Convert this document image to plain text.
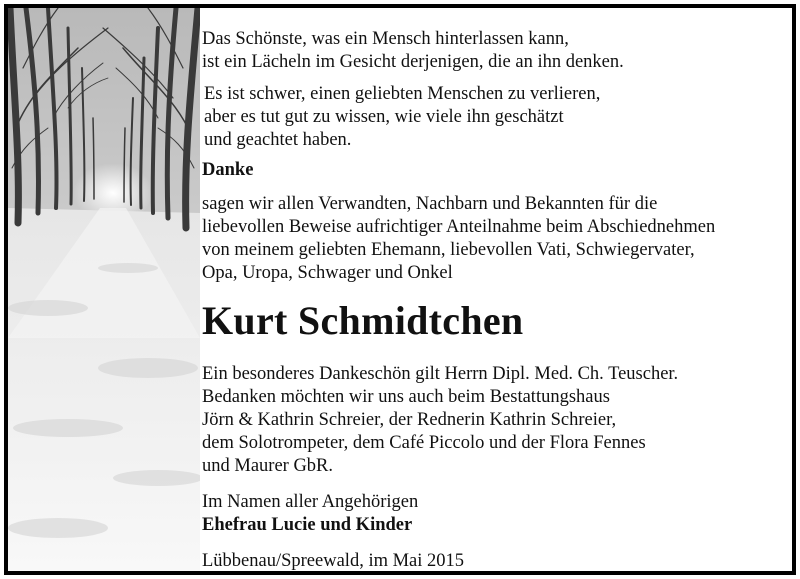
Das Schönste, was ein Mensch hinterlassen kann,
ist ein Lächeln im Gesicht derjenigen, die an ihn denken.

Es ist schwer, einen geliebten Menschen zu verlieren,
aber es tut gut zu wissen, wie viele ihn geschätzt
und geachtet haben.

Danke

sagen wir allen Verwandten, Nachbarn und Bekannten für die
liebevollen Beweise aufrichtiger Anteilnahme beim Abschiednehmen
von meinem geliebten Ehemann, liebevollen Vati, Schwiegervater,
Opa, Uropa, Schwager und Onkel

Kurt Schmidtchen

Ein besonderes Dankeschön gilt Herrn Dipl. Med. Ch. Teuscher.
Bedanken möchten wir uns auch beim Bestattungshaus
Jörn & Kathrin Schreier, der Rednerin Kathrin Schreier,
dem Solotrompeter, dem Café Piccolo und der Flora Fennes
und Maurer GbR.

Im Namen aller Angehörigen
Ehefrau Lucie und Kinder

Lübbenau/Spreewald, im Mai 2015
